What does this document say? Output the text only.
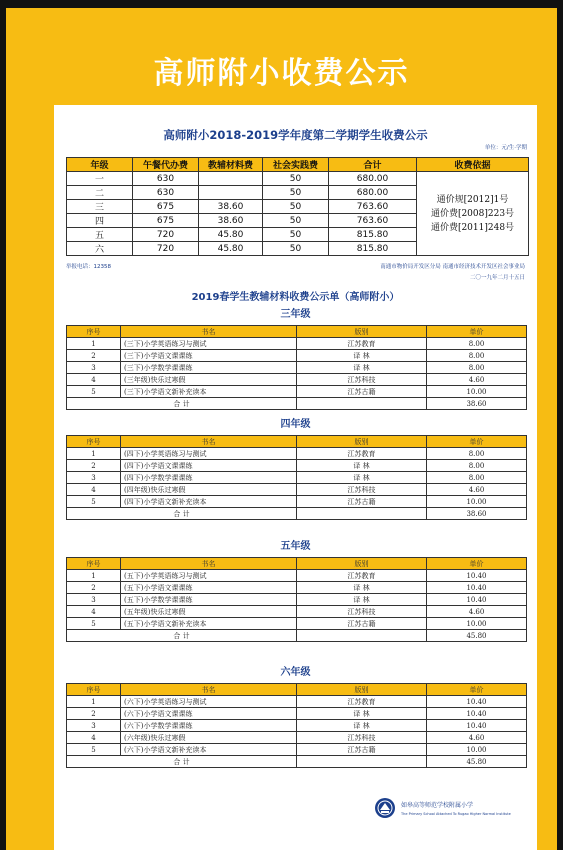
高师附小收费公示
高师附小2018-2019学年度第二学期学生收费公示
单位：元/生·学期
年级	午餐代办费	教辅材料费	社会实践费	合计	收费依据
一	630		50	680.00	通价规[2012]1号
通价费[2008]223号
通价费[2011]248号

二	630		50	680.00	
三	675	38.60	50	763.60	
四	675	38.60	50	763.60	
五	720	45.80	50	815.80	
六	720	45.80	50	815.80	
举报电话：12358	南通市物价局开发区分局 南通市经济技术开发区社会事业局
二〇一九年二月十五日
2019春学生教辅材料收费公示单（高师附小）
三年级
序号	书名	版别	单价
1	(三下)小学英语练习与测试	江苏教育	8.00
2	(三下)小学语文课课练	译 林	8.00
3	(三下)小学数学课课练	译 林	8.00
4	(三年级)快乐过寒假	江苏科技	4.60
5	(三下)小学语文新补充读本	江苏古籍	10.00
合 计			38.60
四年级
序号	书名	版别	单价
1	(四下)小学英语练习与测试	江苏教育	8.00
2	(四下)小学语文课课练	译 林	8.00
3	(四下)小学数学课课练	译 林	8.00
4	(四年级)快乐过寒假	江苏科技	4.60
5	(四下)小学语文新补充读本	江苏古籍	10.00
合 计			38.60
五年级
序号	书名	版别	单价
1	(五下)小学英语练习与测试	江苏教育	10.40
2	(五下)小学语文课课练	译 林	10.40
3	(五下)小学数学课课练	译 林	10.40
4	(五年级)快乐过寒假	江苏科技	4.60
5	(五下)小学语文新补充读本	江苏古籍	10.00
合 计			45.80
六年级
序号	书名	版别	单价
1	(六下)小学英语练习与测试	江苏教育	10.40
2	(六下)小学语文课课练	译 林	10.40
3	(六下)小学数学课课练	译 林	10.40
4	(六年级)快乐过寒假	江苏科技	4.60
5	(六下)小学语文新补充读本	江苏古籍	10.00
合 计			45.80
如皋高等师范学校附属小学
The Primary School Attached To Rugao Higher Normal Institute
